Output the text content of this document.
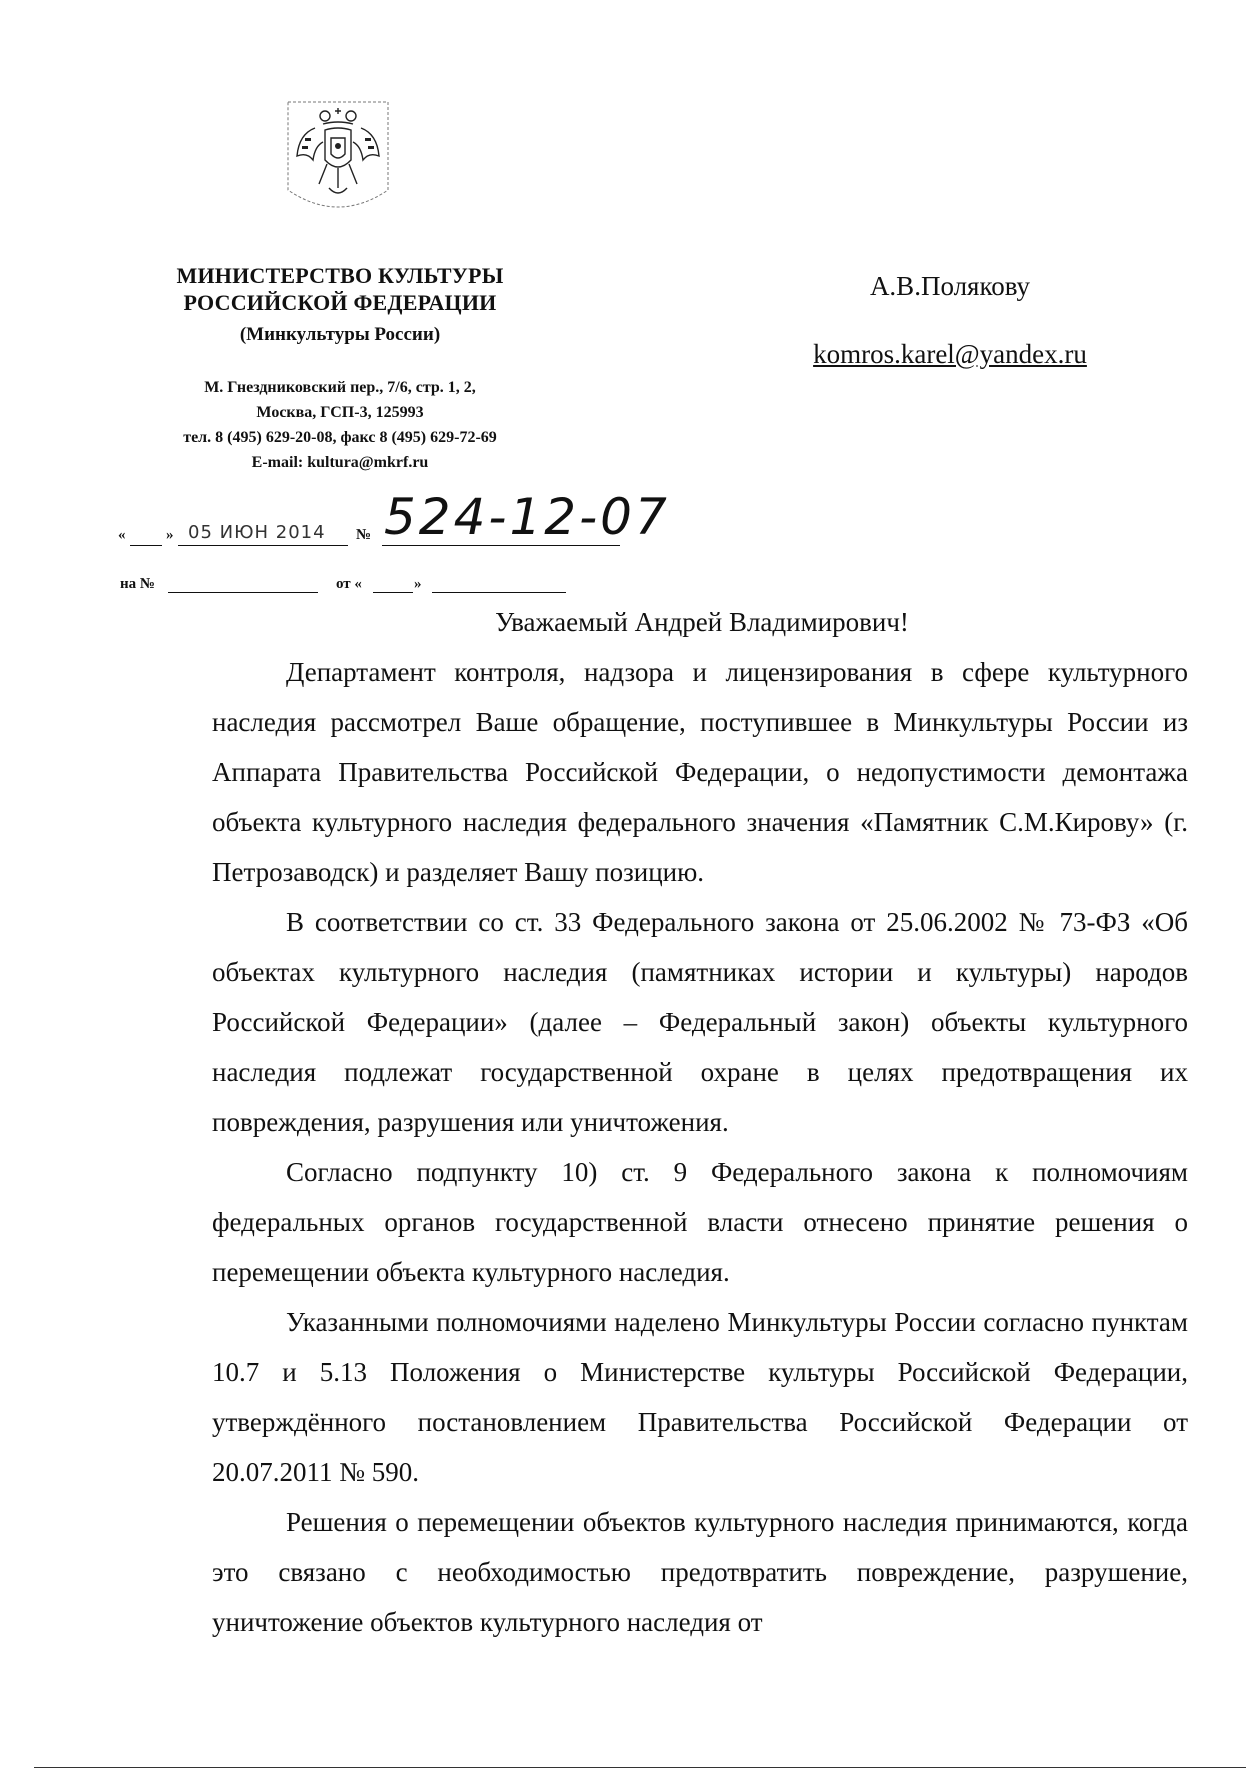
МИНИСТЕРСТВО КУЛЬТУРЫ
РОССИЙСКОЙ ФЕДЕРАЦИИ
(Минкультуры России)
М. Гнездниковский пер., 7/6, стр. 1, 2,
Москва, ГСП-3, 125993
тел. 8 (495) 629-20-08, факс 8 (495) 629-72-69
E-mail: kultura@mkrf.ru
А.В.Полякову
komros.karel@yandex.ru
«	» 05 ИЮН 2014 № 524-12-07
на №	от «	»
Уважаемый Андрей Владимирович!

Департамент контроля, надзора и лицензирования в сфере культурного наследия рассмотрел Ваше обращение, поступившее в Минкультуры России из Аппарата Правительства Российской Федерации, о недопустимости демонтажа объекта культурного наследия федерального значения «Памятник С.М.Кирову» (г. Петрозаводск) и разделяет Вашу позицию.

В соответствии со ст. 33 Федерального закона от 25.06.2002 № 73-ФЗ «Об объектах культурного наследия (памятниках истории и культуры) народов Российской Федерации» (далее – Федеральный закон) объекты культурного наследия подлежат государственной охране в целях предотвращения их повреждения, разрушения или уничтожения.

Согласно подпункту 10) ст. 9 Федерального закона к полномочиям федеральных органов государственной власти отнесено принятие решения о перемещении объекта культурного наследия.

Указанными полномочиями наделено Минкультуры России согласно пунктам 10.7 и 5.13 Положения о Министерстве культуры Российской Федерации, утверждённого постановлением Правительства Российской Федерации от 20.07.2011 № 590.

Решения о перемещении объектов культурного наследия принимаются, когда это связано с необходимостью предотвратить повреждение, разрушение, уничтожение объектов культурного наследия от
